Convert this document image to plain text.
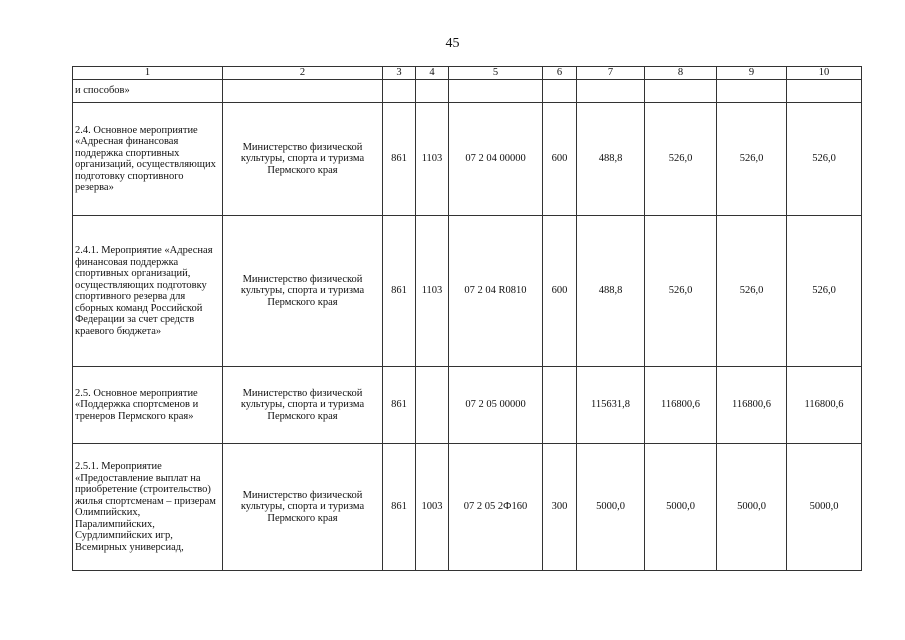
45
1	2	3	4	5	6	7	8	9	10
и способов»									
2.4. Основное мероприятие «Адресная финансовая поддержка спортивных организаций, осуществляющих подготовку спортивного резерва»	Министерство физической культуры, спорта и туризма Пермского края	861	1103	07 2 04 00000	600	488,8	526,0	526,0	526,0
2.4.1. Мероприятие «Адресная финансовая поддержка спортивных организаций, осуществляющих подготовку спортивного резерва для сборных команд Российской Федерации за счет средств краевого бюджета»	Министерство физической культуры, спорта и туризма Пермского края	861	1103	07 2 04 R0810	600	488,8	526,0	526,0	526,0
2.5. Основное мероприятие «Поддержка спортсменов и тренеров Пермского края»	Министерство физической культуры, спорта и туризма Пермского края	861		07 2 05 00000		115631,8	116800,6	116800,6	116800,6
2.5.1. Мероприятие «Предоставление выплат на приобретение (строительство) жилья спортсменам – призерам Олимпийских, Паралимпийских, Сурдлимпийских игр, Всемирных универсиад,	Министерство физической культуры, спорта и туризма Пермского края	861	1003	07 2 05 2Ф160	300	5000,0	5000,0	5000,0	5000,0
